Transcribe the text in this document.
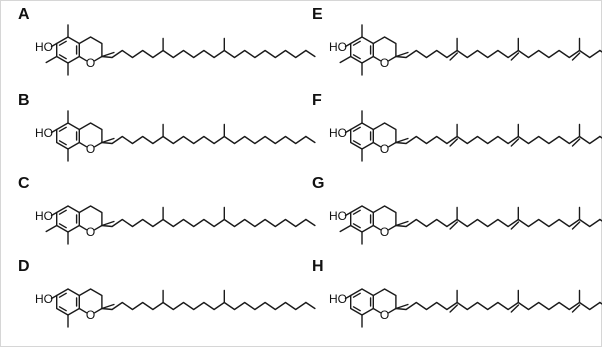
A
O
HO
B
O
HO
C
O
HO
D
O
HO
E
O
HO
F
O
HO
G
O
HO
H
O
HO
